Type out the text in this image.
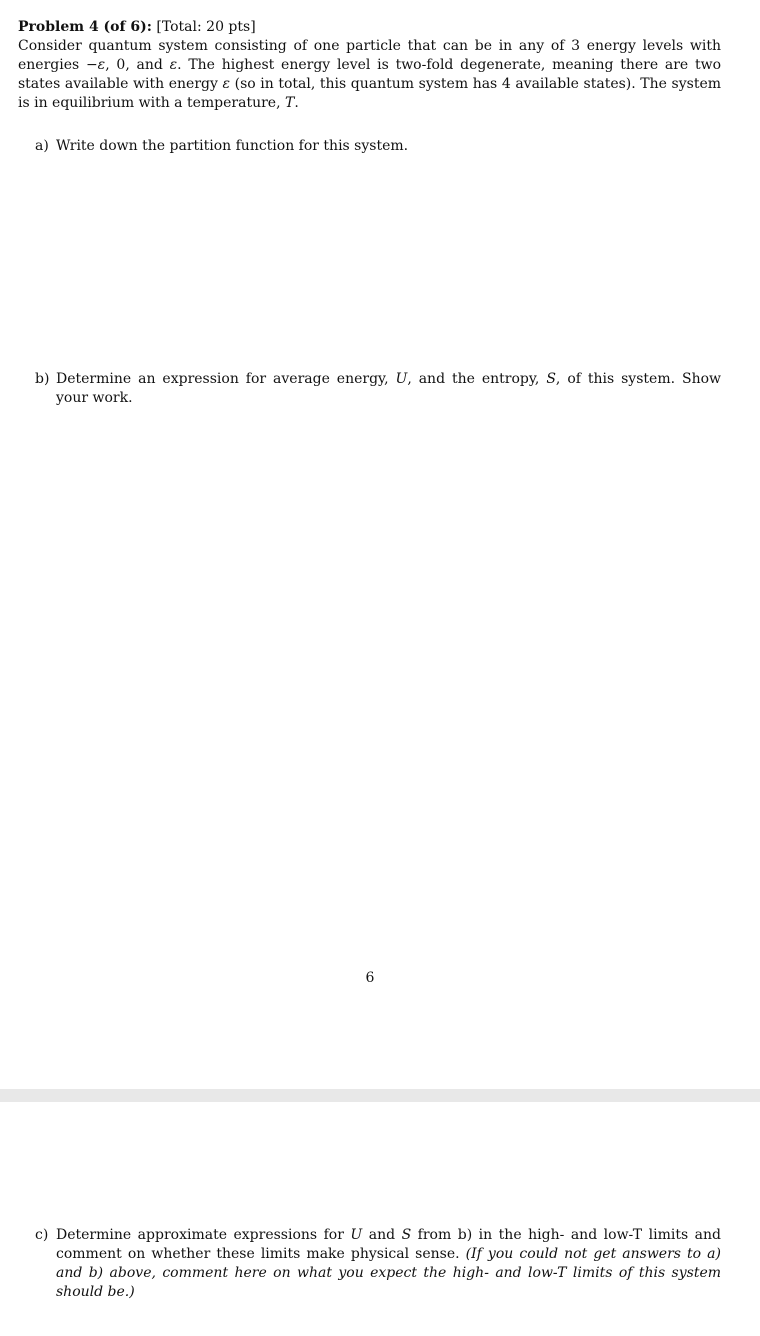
Problem 4 (of 6): [Total: 20 pts]
Consider quantum system consisting of one particle that can be in any of 3 energy levels with energies −ε, 0, and ε. The highest energy level is two-fold degenerate, meaning there are two states available with energy ε (so in total, this quantum system has 4 available states). The system is in equilibrium with a temperature, T.
a) Write down the partition function for this system.
b) Determine an expression for average energy, U, and the entropy, S, of this system. Show your work.
6
c) Determine approximate expressions for U and S from b) in the high- and low-T limits and comment on whether these limits make physical sense. (If you could not get answers to a) and b) above, comment here on what you expect the high- and low-T limits of this system should be.)
